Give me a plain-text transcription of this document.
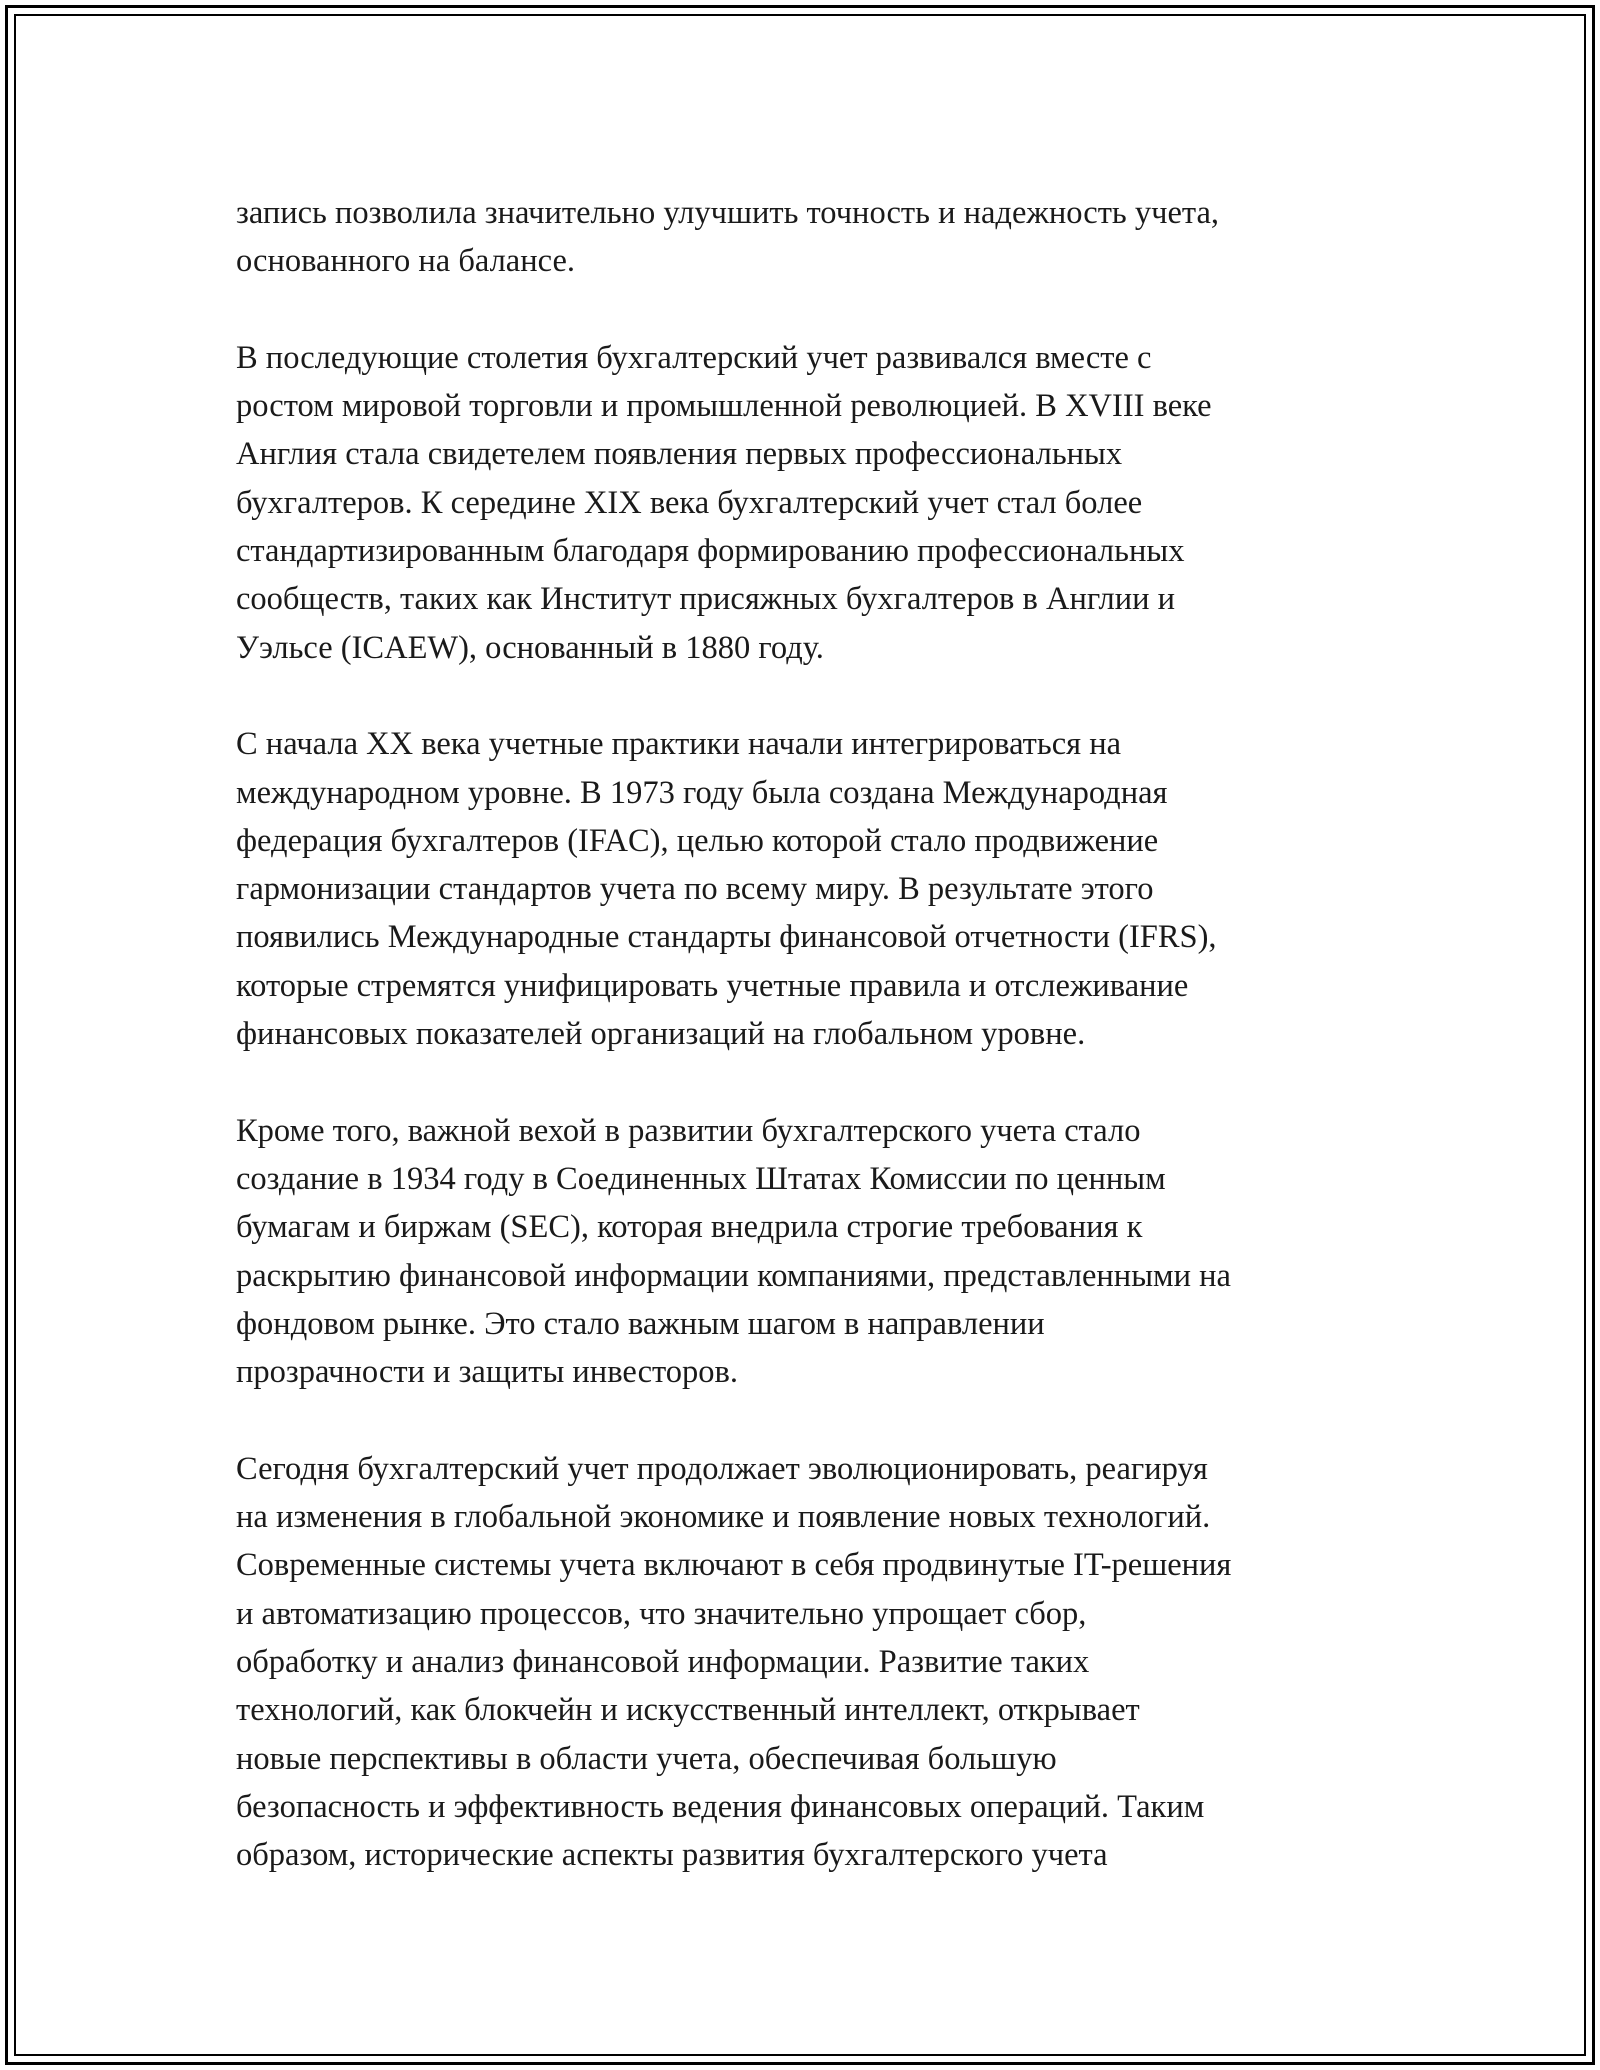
запись позволила значительно улучшить точность и надежность учета,
основанного на балансе.

В последующие столетия бухгалтерский учет развивался вместе с
ростом мировой торговли и промышленной революцией. В XVIII веке
Англия стала свидетелем появления первых профессиональных
бухгалтеров. К середине XIX века бухгалтерский учет стал более
стандартизированным благодаря формированию профессиональных
сообществ, таких как Институт присяжных бухгалтеров в Англии и
Уэльсе (ICAEW), основанный в 1880 году.

С начала XX века учетные практики начали интегрироваться на
международном уровне. В 1973 году была создана Международная
федерация бухгалтеров (IFAC), целью которой стало продвижение
гармонизации стандартов учета по всему миру. В результате этого
появились Международные стандарты финансовой отчетности (IFRS),
которые стремятся унифицировать учетные правила и отслеживание
финансовых показателей организаций на глобальном уровне.

Кроме того, важной вехой в развитии бухгалтерского учета стало
создание в 1934 году в Соединенных Штатах Комиссии по ценным
бумагам и биржам (SEC), которая внедрила строгие требования к
раскрытию финансовой информации компаниями, представленными на
фондовом рынке. Это стало важным шагом в направлении
прозрачности и защиты инвесторов.

Сегодня бухгалтерский учет продолжает эволюционировать, реагируя
на изменения в глобальной экономике и появление новых технологий.
Современные системы учета включают в себя продвинутые IT-решения
и автоматизацию процессов, что значительно упрощает сбор,
обработку и анализ финансовой информации. Развитие таких
технологий, как блокчейн и искусственный интеллект, открывает
новые перспективы в области учета, обеспечивая большую
безопасность и эффективность ведения финансовых операций. Таким
образом, исторические аспекты развития бухгалтерского учета
